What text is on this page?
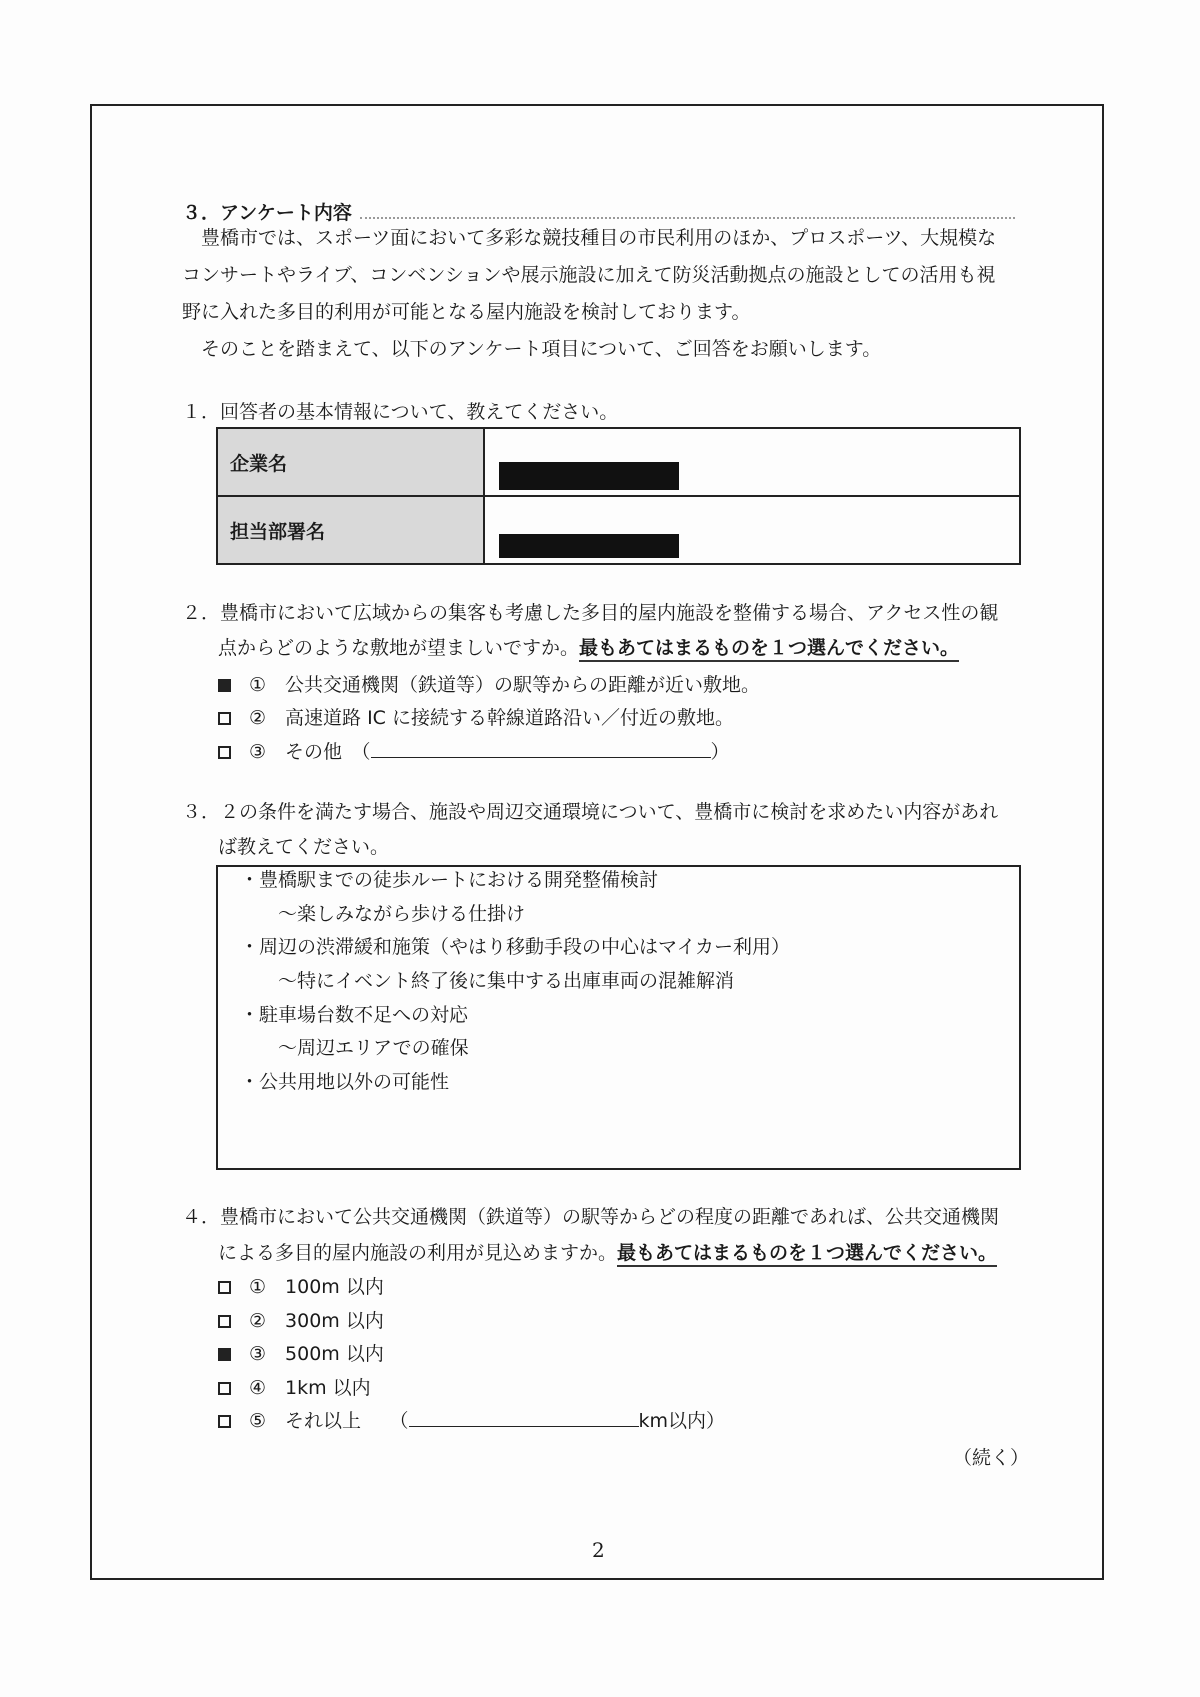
３．アンケート内容
　豊橋市では、スポーツ面において多彩な競技種目の市民利用のほか、プロスポーツ、大規模な
コンサートやライブ、コンベンションや展示施設に加えて防災活動拠点の施設としての活用も視
野に入れた多目的利用が可能となる屋内施設を検討しております。
　そのことを踏まえて、以下のアンケート項目について、ご回答をお願いします。
１．回答者の基本情報について、教えてください。
企業名	

担当部署名	
２．豊橋市において広域からの集客も考慮した多目的屋内施設を整備する場合、アクセス性の観
点からどのような敷地が望ましいですか。最もあてはまるものを１つ選んでください。
①　公共交通機関（鉄道等）の駅等からの距離が近い敷地。
②　高速道路 IC に接続する幹線道路沿い／付近の敷地。
③　その他　（	）
３．２の条件を満たす場合、施設や周辺交通環境について、豊橋市に検討を求めたい内容があれ
ば教えてください。
・豊橋駅までの徒歩ルートにおける開発整備検討
　　～楽しみながら歩ける仕掛け
・周辺の渋滞緩和施策（やはり移動手段の中心はマイカー利用）
　　～特にイベント終了後に集中する出庫車両の混雑解消
・駐車場台数不足への対応
　　～周辺エリアでの確保
・公共用地以外の可能性
４．豊橋市において公共交通機関（鉄道等）の駅等からどの程度の距離であれば、公共交通機関
による多目的屋内施設の利用が見込めますか。最もあてはまるものを１つ選んでください。
①　100m 以内
②　300m 以内
③　500m 以内
④　1km 以内
⑤　それ以上　　（	km以内）
（続く）
2
